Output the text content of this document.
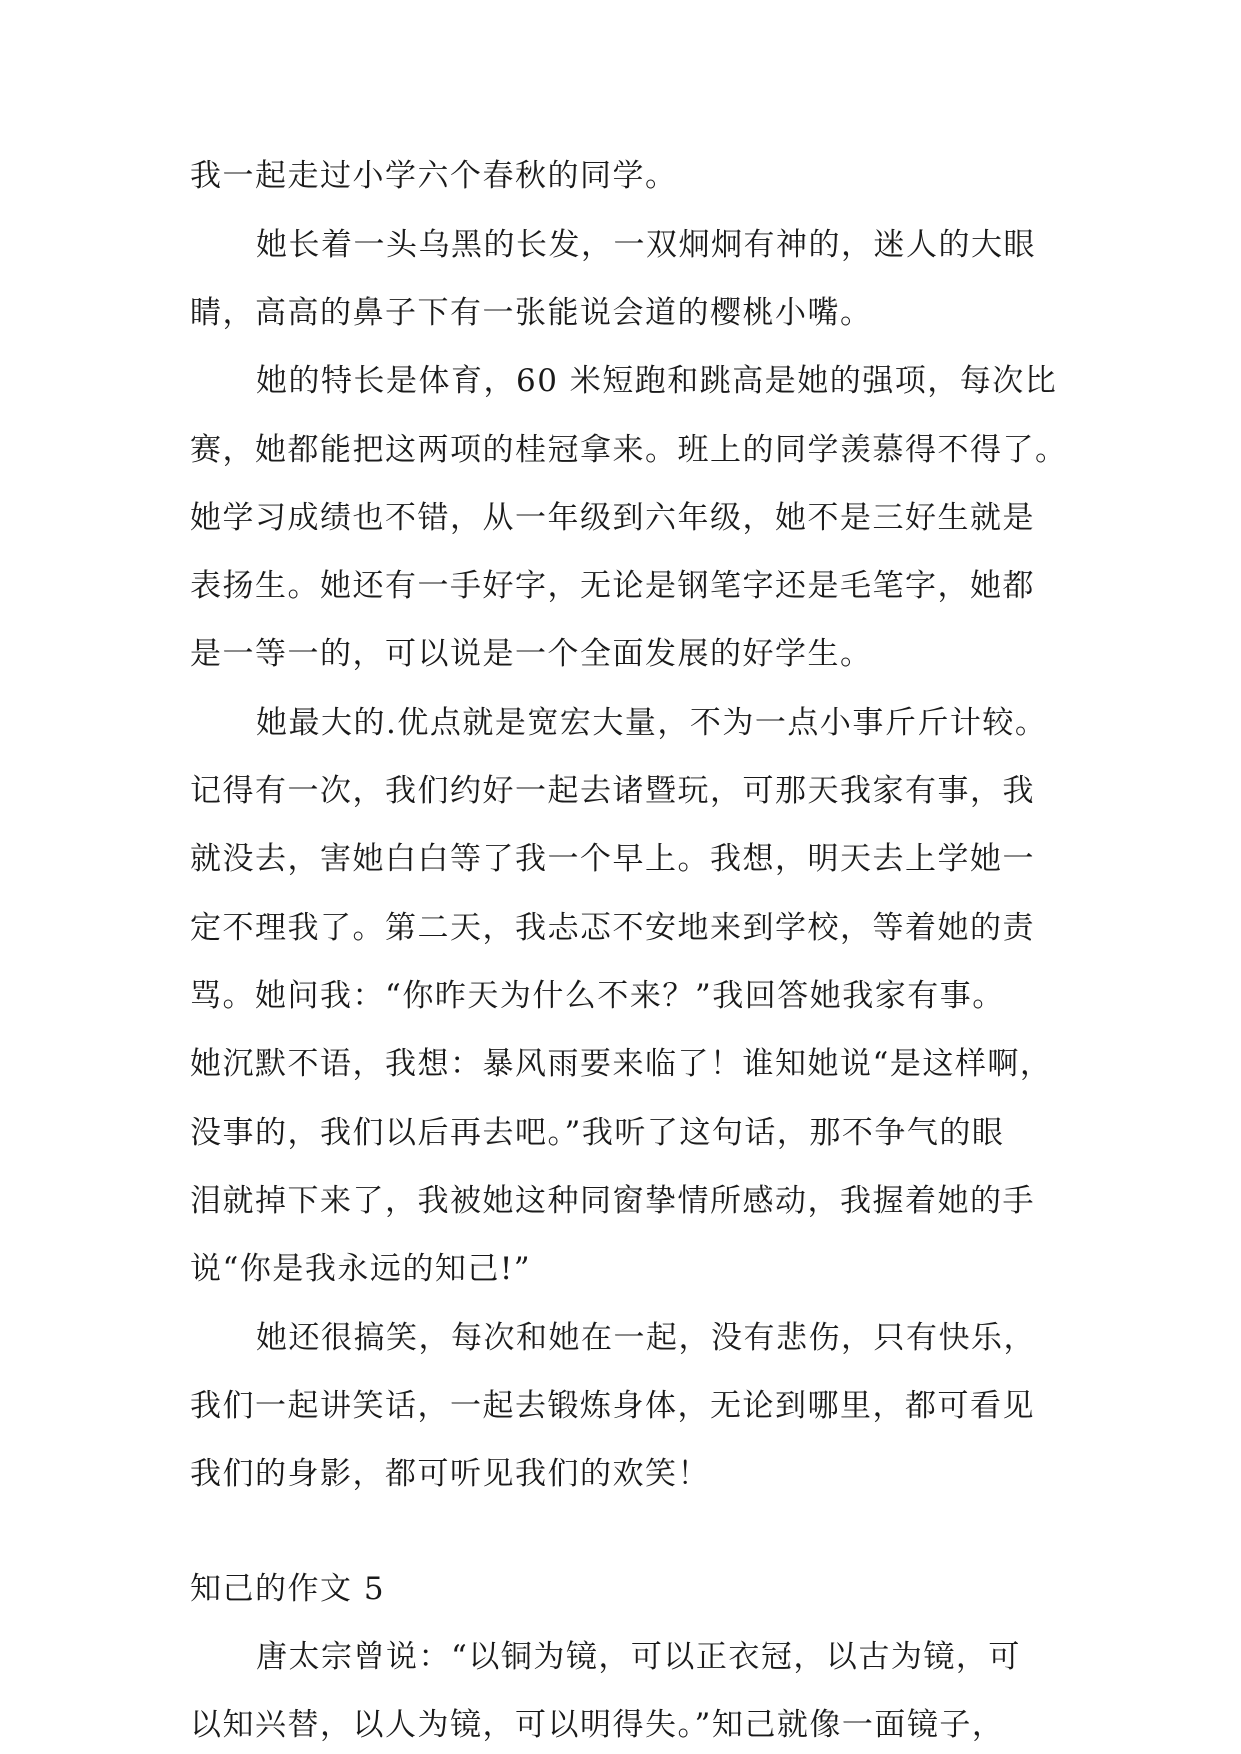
我一起走过小学六个春秋的同学。
她长着一头乌黑的长发，一双炯炯有神的，迷人的大眼
睛，高高的鼻子下有一张能说会道的樱桃小嘴。
她的特长是体育，60 米短跑和跳高是她的强项，每次比
赛，她都能把这两项的桂冠拿来。班上的同学羡慕得不得了。
她学习成绩也不错，从一年级到六年级，她不是三好生就是
表扬生。她还有一手好字，无论是钢笔字还是毛笔字，她都
是一等一的，可以说是一个全面发展的好学生。
她最大的.优点就是宽宏大量，不为一点小事斤斤计较。
记得有一次，我们约好一起去诸暨玩，可那天我家有事，我
就没去，害她白白等了我一个早上。我想，明天去上学她一
定不理我了。第二天，我忐忑不安地来到学校，等着她的责
骂。她问我：“你昨天为什么不来？”我回答她我家有事。
她沉默不语，我想：暴风雨要来临了！谁知她说“是这样啊，
没事的，我们以后再去吧。”我听了这句话，那不争气的眼
泪就掉下来了，我被她这种同窗挚情所感动，我握着她的手
说“你是我永远的知己!”
她还很搞笑，每次和她在一起，没有悲伤，只有快乐，
我们一起讲笑话，一起去锻炼身体，无论到哪里，都可看见
我们的身影，都可听见我们的欢笑！
知己的作文 5
唐太宗曾说：“以铜为镜，可以正衣冠，以古为镜，可
以知兴替，以人为镜，可以明得失。”知己就像一面镜子，
